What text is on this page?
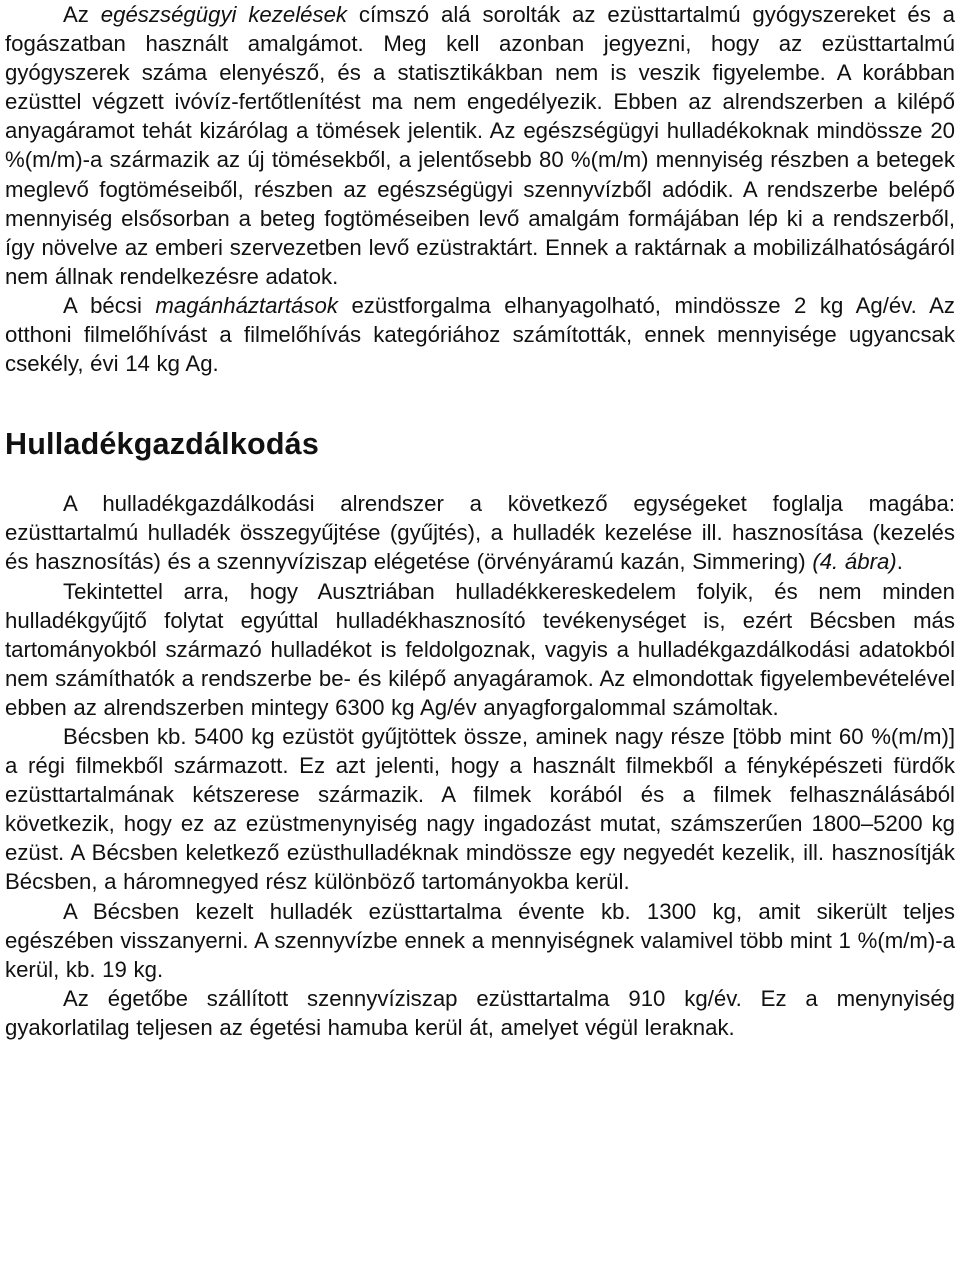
Az egészségügyi kezelések címszó alá sorolták az ezüsttartalmú gyógyszereket és a fogászatban használt amalgámot. Meg kell azonban jegyezni, hogy az ezüsttartalmú gyógyszerek száma elenyésző, és a statisztikákban nem is veszik figyelembe. A korábban ezüsttel végzett ivóvíz-fertőtlenítést ma nem engedélyezik. Ebben az alrendszerben a kilépő anyagáramot tehát kizárólag a tömések jelentik. Az egészségügyi hulladékoknak mindössze 20 %(m/m)-a származik az új tömésekből, a jelentősebb 80 %(m/m) mennyiség részben a betegek meglevő fogtöméseiből, részben az egészségügyi szennyvízből adódik. A rendszerbe belépő mennyiség elsősorban a beteg fogtöméseiben levő amalgám formájában lép ki a rendszerből, így növelve az emberi szervezetben levő ezüstraktárt. Ennek a raktárnak a mobilizálhatóságáról nem állnak rendelkezésre adatok.

A bécsi magánháztartások ezüstforgalma elhanyagolható, mindössze 2 kg Ag/év. Az otthoni filmelőhívást a filmelőhívás kategóriához számították, ennek mennyisége ugyancsak csekély, évi 14 kg Ag.

Hulladékgazdálkodás

A hulladékgazdálkodási alrendszer a következő egységeket foglalja magába: ezüsttartalmú hulladék összegyűjtése (gyűjtés), a hulladék kezelése ill. hasznosítása (kezelés és hasznosítás) és a szennyvíziszap elégetése (örvényáramú kazán, Simmering) (4. ábra).

Tekintettel arra, hogy Ausztriában hulladékkereskedelem folyik, és nem minden hulladékgyűjtő folytat egyúttal hulladékhasznosító tevékenységet is, ezért Bécsben más tartományokból származó hulladékot is feldolgoznak, vagyis a hulladékgazdálkodási adatokból nem számíthatók a rendszerbe be- és kilépő anyagáramok. Az elmondottak figyelembevételével ebben az alrendszerben mintegy 6300 kg Ag/év anyagforgalommal számoltak.

Bécsben kb. 5400 kg ezüstöt gyűjtöttek össze, aminek nagy része [több mint 60 %(m/m)] a régi filmekből származott. Ez azt jelenti, hogy a használt filmekből a fényképészeti fürdők ezüsttartalmának kétszerese származik. A filmek korából és a filmek felhasználásából következik, hogy ez az ezüstmenynyiség nagy ingadozást mutat, számszerűen 1800–5200 kg ezüst. A Bécsben keletkező ezüsthulladéknak mindössze egy negyedét kezelik, ill. hasznosítják Bécsben, a háromnegyed rész különböző tartományokba kerül.

A Bécsben kezelt hulladék ezüsttartalma évente kb. 1300 kg, amit sikerült teljes egészében visszanyerni. A szennyvízbe ennek a mennyiségnek valamivel több mint 1 %(m/m)-a kerül, kb. 19 kg.

Az égetőbe szállított szennyvíziszap ezüsttartalma 910 kg/év. Ez a menynyiség gyakorlatilag teljesen az égetési hamuba kerül át, amelyet végül leraknak.
